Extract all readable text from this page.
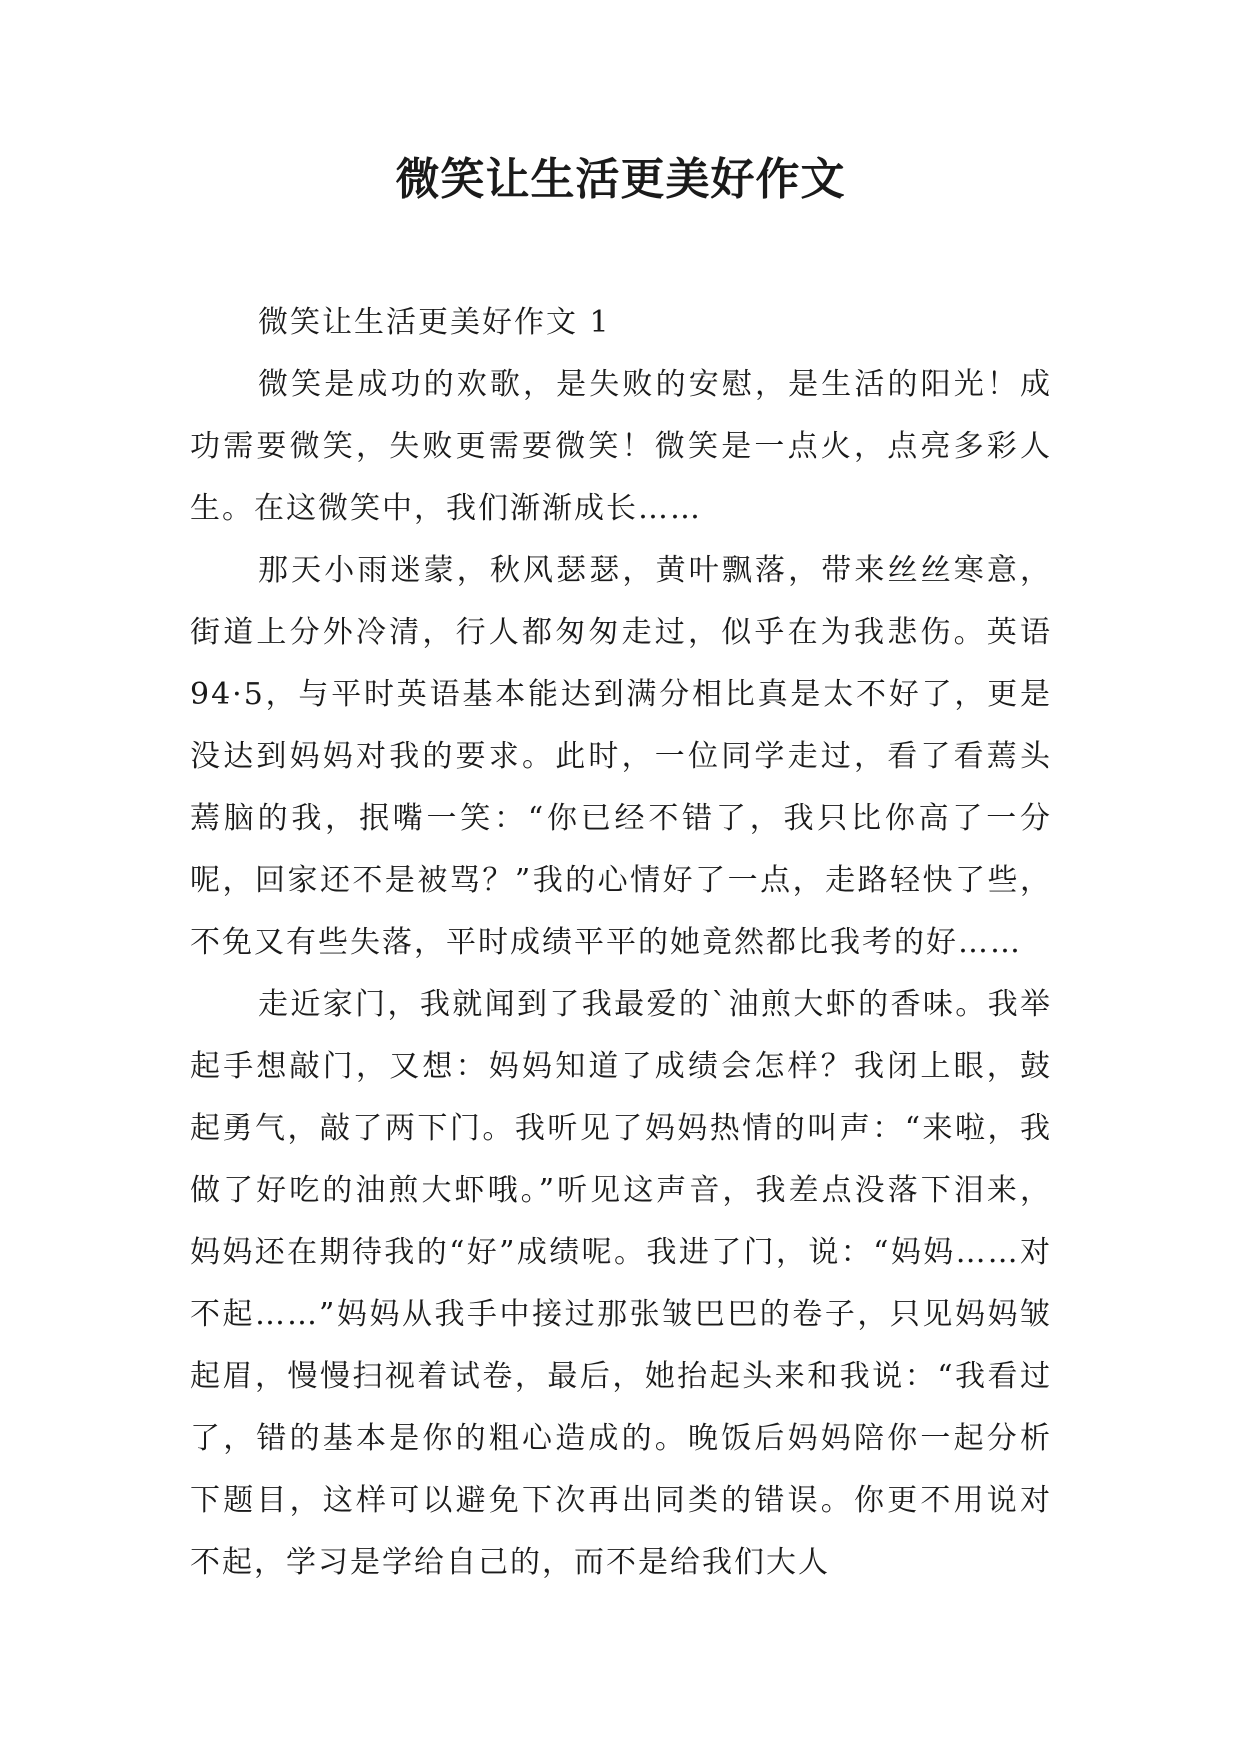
微笑让生活更美好作文

微笑让生活更美好作文 1

微笑是成功的欢歌，是失败的安慰，是生活的阳光！成功需要微笑，失败更需要微笑！微笑是一点火，点亮多彩人生。在这微笑中，我们渐渐成长……

那天小雨迷蒙，秋风瑟瑟，黄叶飘落，带来丝丝寒意，街道上分外冷清，行人都匆匆走过，似乎在为我悲伤。英语 94·5，与平时英语基本能达到满分相比真是太不好了，更是没达到妈妈对我的要求。此时，一位同学走过，看了看蔫头蔫脑的我，抿嘴一笑：“你已经不错了，我只比你高了一分呢，回家还不是被骂？”我的心情好了一点，走路轻快了些，不免又有些失落，平时成绩平平的她竟然都比我考的好……

走近家门，我就闻到了我最爱的`油煎大虾的香味。我举起手想敲门，又想：妈妈知道了成绩会怎样？我闭上眼，鼓起勇气，敲了两下门。我听见了妈妈热情的叫声：“来啦，我做了好吃的油煎大虾哦。”听见这声音，我差点没落下泪来，妈妈还在期待我的“好”成绩呢。我进了门，说：“妈妈……对不起……”妈妈从我手中接过那张皱巴巴的卷子，只见妈妈皱起眉，慢慢扫视着试卷，最后，她抬起头来和我说：“我看过了，错的基本是你的粗心造成的。晚饭后妈妈陪你一起分析下题目，这样可以避免下次再出同类的错误。你更不用说对不起，学习是学给自己的，而不是给我们大人
